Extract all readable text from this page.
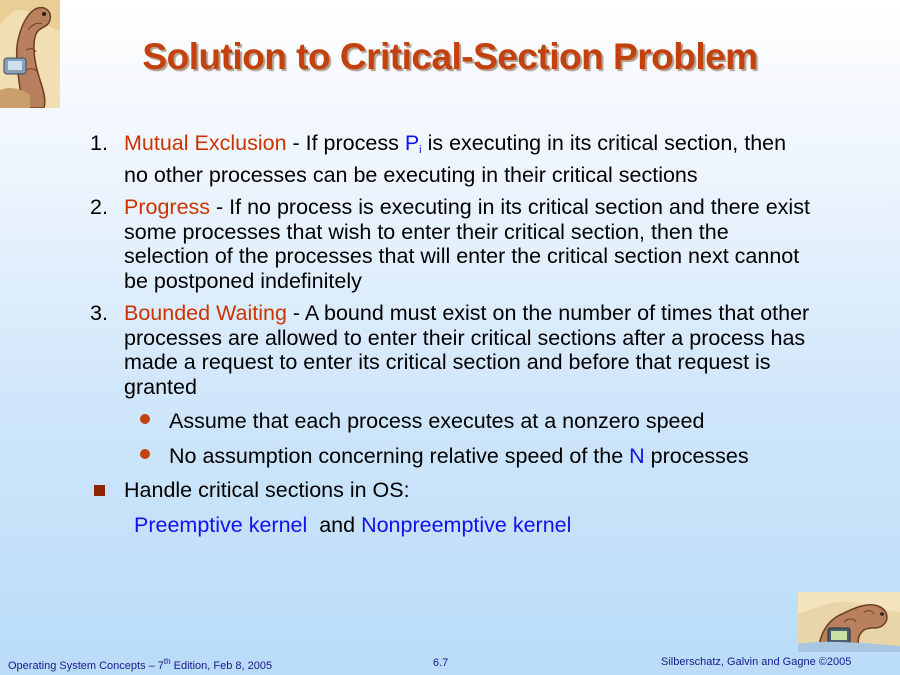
Solution to Critical-Section Problem
1. Mutual Exclusion - If process $P_i$ is executing in its critical section, then no other processes can be executing in their critical sections
2. Progress - If no process is executing in its critical section and there exist some processes that wish to enter their critical section, then the selection of the processes that will enter the critical section next cannot be postponed indefinitely
3. Bounded Waiting - A bound must exist on the number of times that other processes are allowed to enter their critical sections after a process has made a request to enter its critical section and before that request is granted
Assume that each process executes at a nonzero speed
No assumption concerning relative speed of the N processes
Handle critical sections in OS:
Preemptive kernel  and Nonpreemptive kernel
Operating System Concepts – 7th Edition, Feb 8, 2005	6.7	Silberschatz, Galvin and Gagne ©2005
